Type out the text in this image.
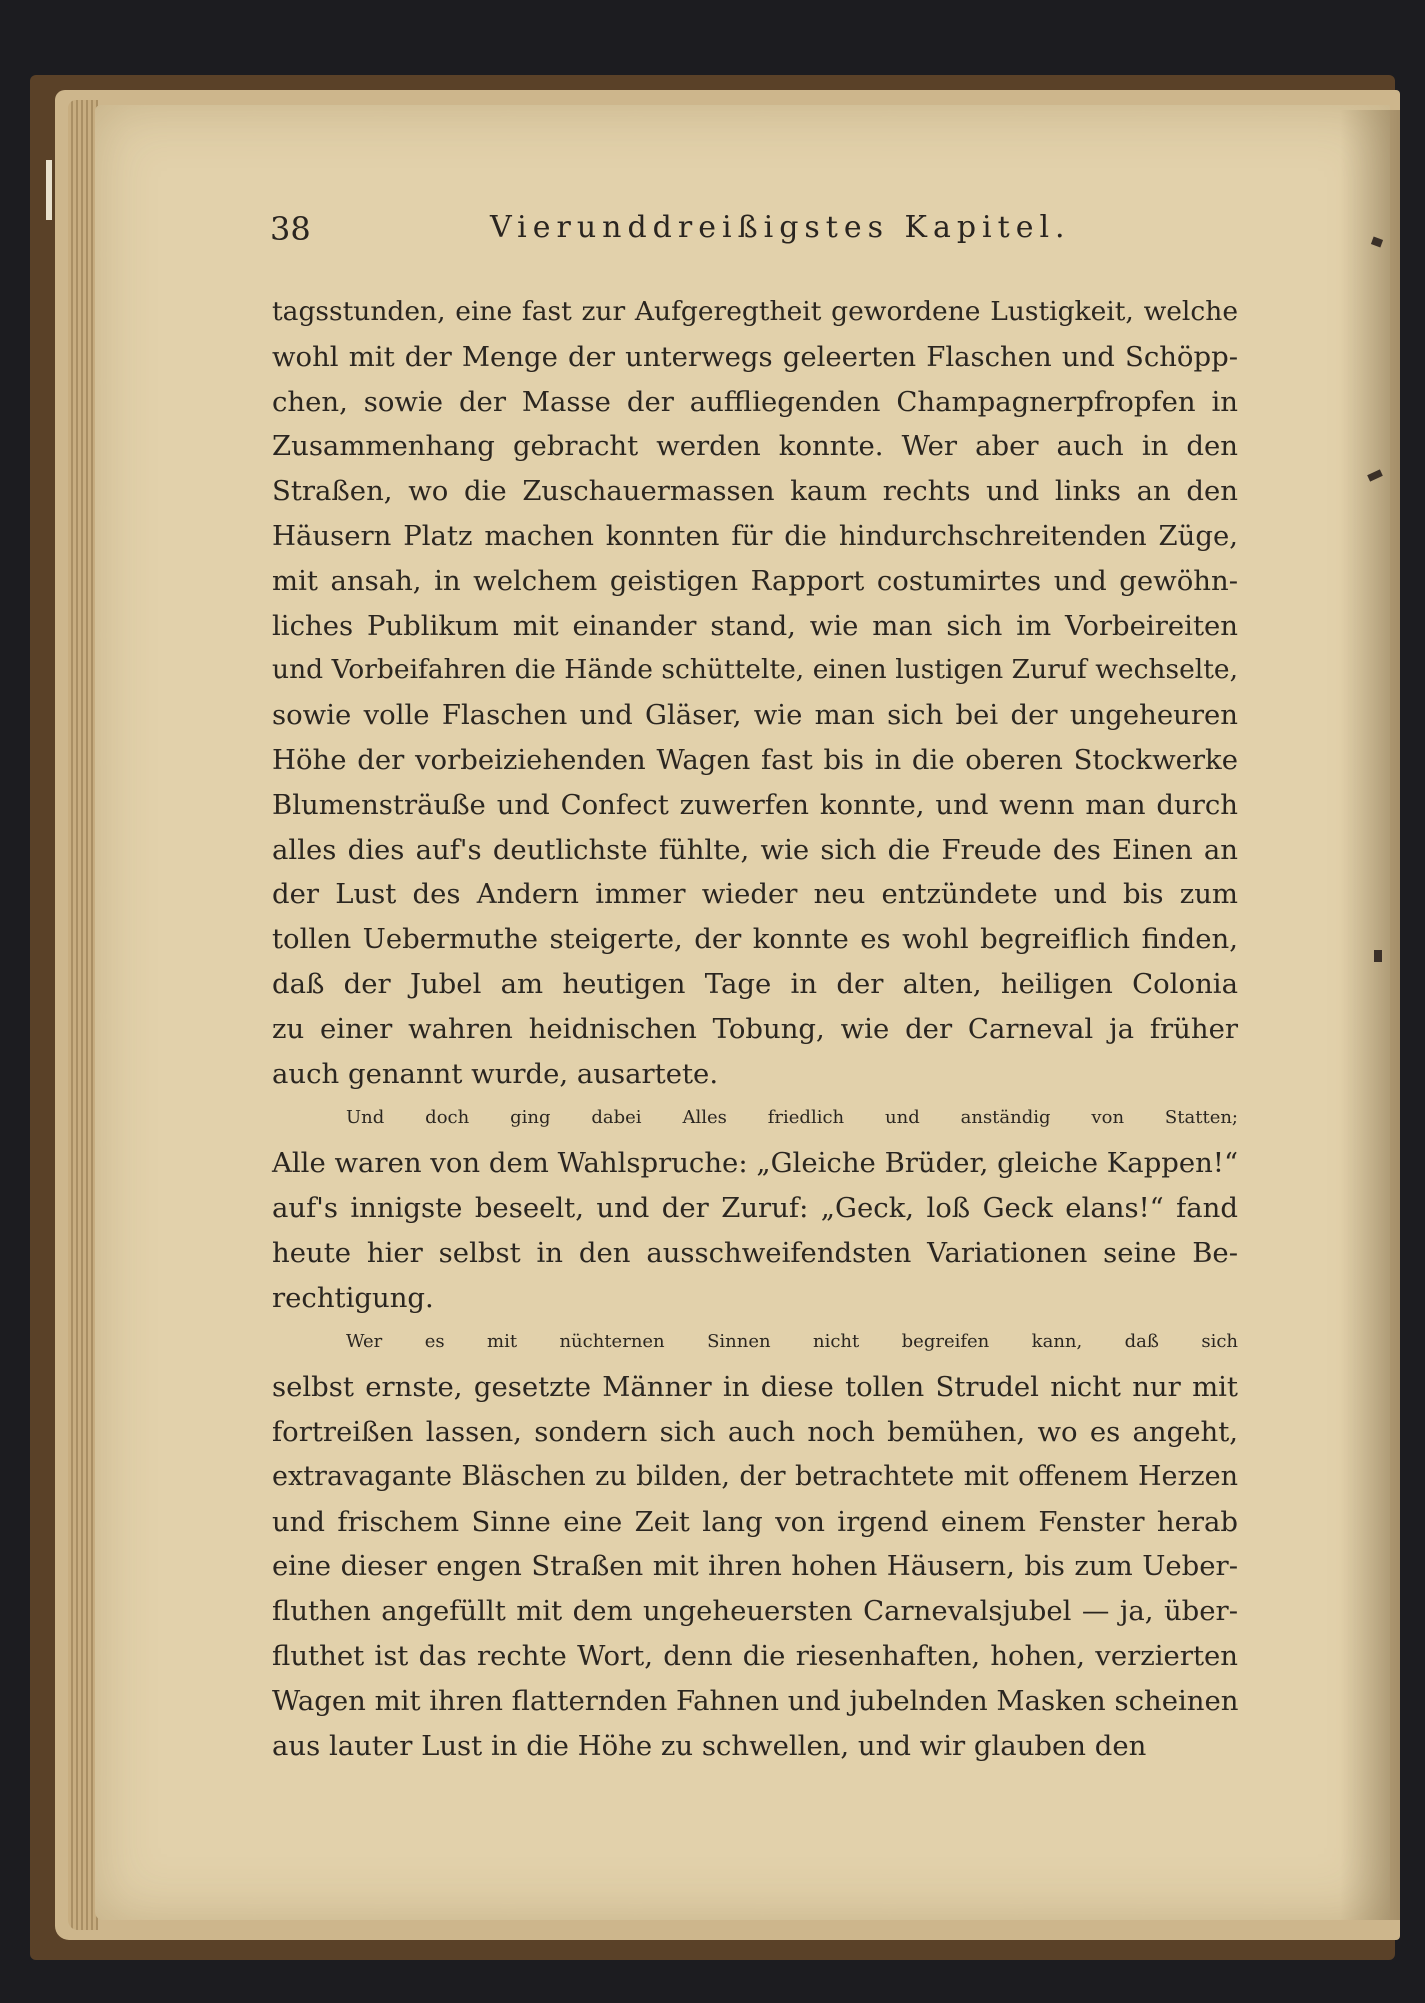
38	Vierunddreißigstes Kapitel.
tagsstunden, eine fast zur Aufgeregtheit gewordene Lustigkeit, welche
wohl mit der Menge der unterwegs geleerten Flaschen und Schöpp-
chen, sowie der Masse der auffliegenden Champagnerpfropfen in
Zusammenhang gebracht werden konnte. Wer aber auch in den
Straßen, wo die Zuschauermassen kaum rechts und links an den
Häusern Platz machen konnten für die hindurchschreitenden Züge,
mit ansah, in welchem geistigen Rapport costumirtes und gewöhn-
liches Publikum mit einander stand, wie man sich im Vorbeireiten
und Vorbeifahren die Hände schüttelte, einen lustigen Zuruf wechselte,
sowie volle Flaschen und Gläser, wie man sich bei der ungeheuren
Höhe der vorbeiziehenden Wagen fast bis in die oberen Stockwerke
Blumensträuße und Confect zuwerfen konnte, und wenn man durch
alles dies auf's deutlichste fühlte, wie sich die Freude des Einen an
der Lust des Andern immer wieder neu entzündete und bis zum
tollen Uebermuthe steigerte, der konnte es wohl begreiflich finden,
daß der Jubel am heutigen Tage in der alten, heiligen Colonia
zu einer wahren heidnischen Tobung, wie der Carneval ja früher
auch genannt wurde, ausartete.
Und doch ging dabei Alles friedlich und anständig von Statten;
Alle waren von dem Wahlspruche: „Gleiche Brüder, gleiche Kappen!“
auf's innigste beseelt, und der Zuruf: „Geck, loß Geck elans!“ fand
heute hier selbst in den ausschweifendsten Variationen seine Be-
rechtigung.
Wer es mit nüchternen Sinnen nicht begreifen kann, daß sich
selbst ernste, gesetzte Männer in diese tollen Strudel nicht nur mit
fortreißen lassen, sondern sich auch noch bemühen, wo es angeht,
extravagante Bläschen zu bilden, der betrachtete mit offenem Herzen
und frischem Sinne eine Zeit lang von irgend einem Fenster herab
eine dieser engen Straßen mit ihren hohen Häusern, bis zum Ueber-
fluthen angefüllt mit dem ungeheuersten Carnevalsjubel — ja, über-
fluthet ist das rechte Wort, denn die riesenhaften, hohen, verzierten
Wagen mit ihren flatternden Fahnen und jubelnden Masken scheinen
aus lauter Lust in die Höhe zu schwellen, und wir glauben den
